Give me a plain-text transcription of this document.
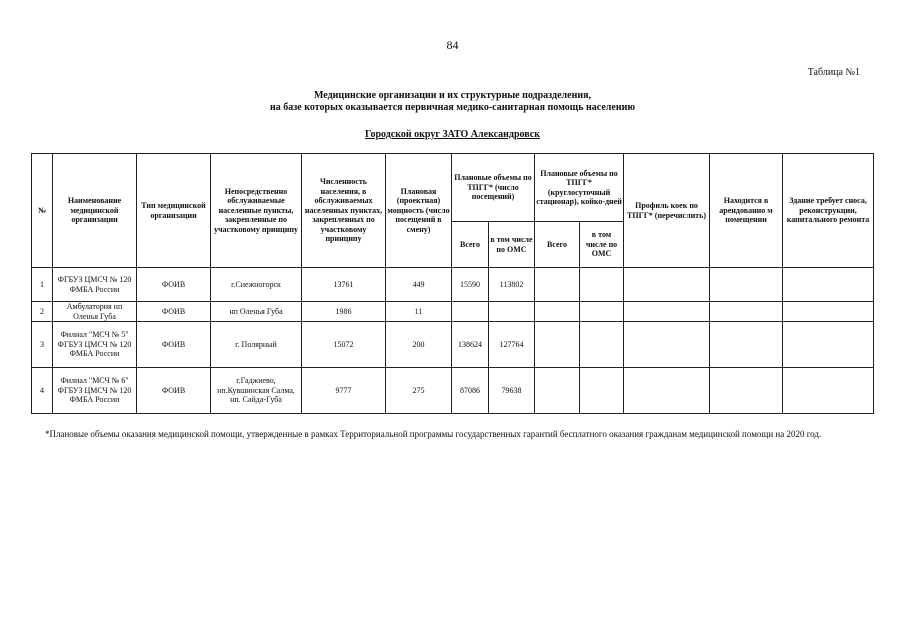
84
Таблица №1
Медицинские организации и их структурные подразделения,
на базе которых оказывается первичная медико-санитарная помощь населению
Городской округ ЗАТО Александровск
№	Наименование медицинской организации	Тип медицинской организации	Непосредственно обслуживаемые населенные пункты, закрепленные по участковому принципу	Численность населения, в обслуживаемых населенных пунктах, закрепленных по участковому принципу	Плановая (проектная) мощность (число посещений в смену)	Плановые объемы по ТПГГ* (число посещений)		Плановые объемы по ТПГГ* (круглосуточный стационар), койко-дней		Профиль коек по ТПГГ* (перечислить)	Находится в арендованно м помещении	Здание требует сноса, реконструкции, капитального ремонта
						Всего	в том числе по ОМС	Всего	в том числе по ОМС			
1	ФГБУЗ ЦМСЧ № 120 ФМБА России	ФОИВ	г.Снежногорск	13761	449	15590	113802					
2	Амбулатория нп Оленья Губа	ФОИВ	нп Оленья Губа	1986	11							
3	Филиал "МСЧ № 5" ФГБУЗ ЦМСЧ № 120 ФМБА России	ФОИВ	г. Полярный	15072	200	138624	127764					
4	Филиал "МСЧ № 6" ФГБУЗ ЦМСЧ № 120 ФМБА России	ФОИВ	г.Гаджиево, нп.Кувшинская Салма, нп. Сайда-Губа	9777	275	87086	79638					
*Плановые объемы оказания медицинской помощи, утвержденные в рамках Территориальной программы государственных гарантий бесплатного оказания гражданам медицинской помощи на 2020 год.
